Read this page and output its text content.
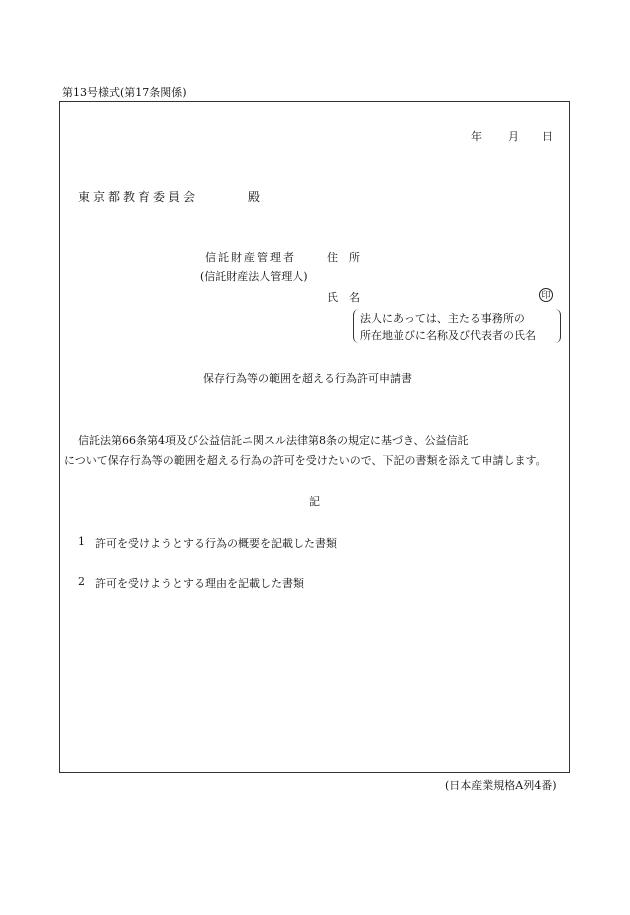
第13号様式(第17条関係)
年 月 日
東京都教育委員会	殿
信託財産管理者
(信託財産法人管理人)
住　所
氏　名	印
法人にあっては、主たる事務所の
所在地並びに名称及び代表者の氏名
保存行為等の範囲を超える行為許可申請書
信託法第66条第4項及び公益信託ニ関スル法律第8条の規定に基づき、公益信託
について保存行為等の範囲を超える行為の許可を受けたいので、下記の書類を添えて申請します。
記
1 許可を受けようとする行為の概要を記載した書類
2 許可を受けようとする理由を記載した書類
(日本産業規格A列4番)
